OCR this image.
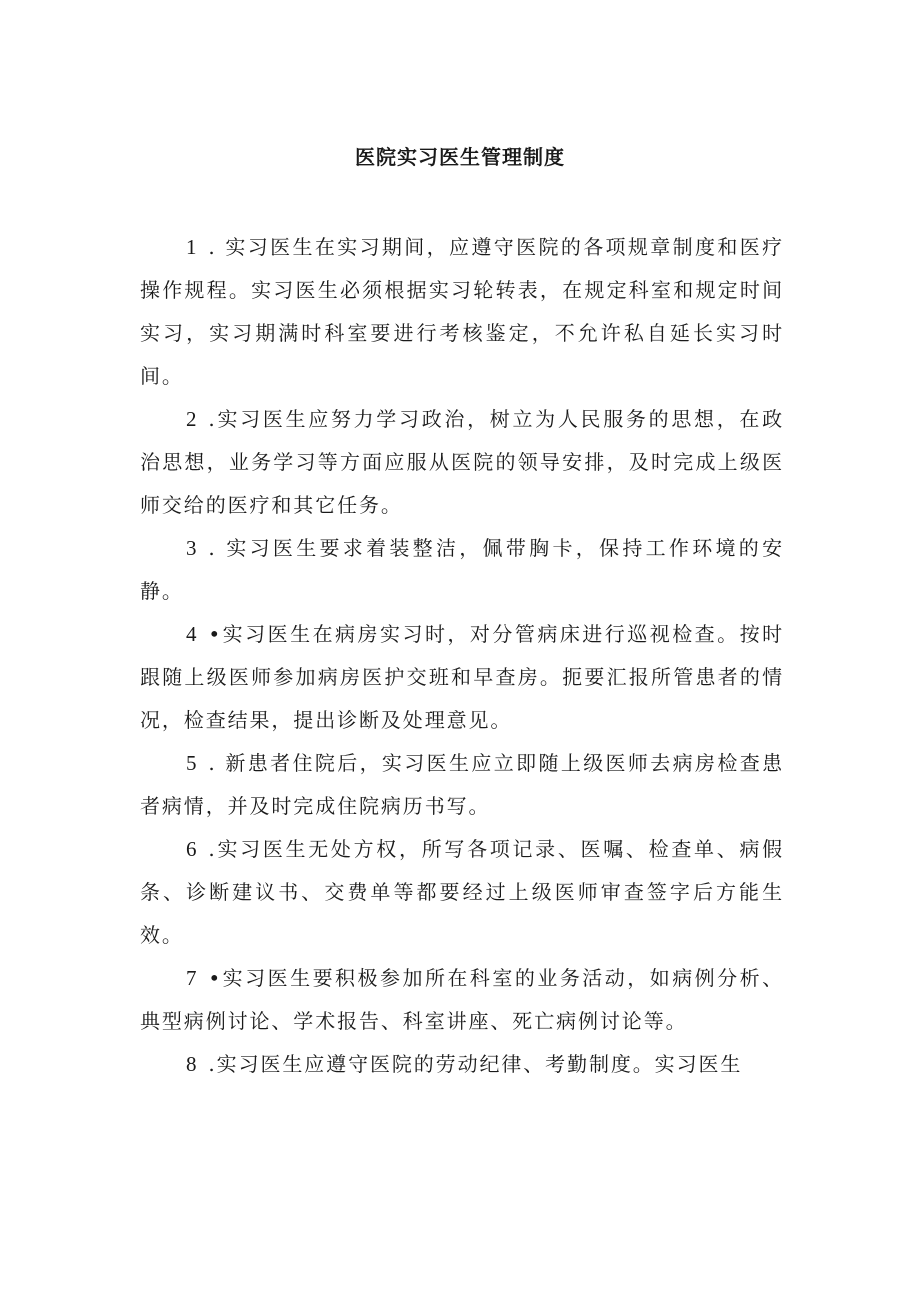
医院实习医生管理制度

1 . 实习医生在实习期间，应遵守医院的各项规章制度和医疗操作规程。实习医生必须根据实习轮转表，在规定科室和规定时间实习，实习期满时科室要进行考核鉴定，不允许私自延长实习时间。

2 .实习医生应努力学习政治，树立为人民服务的思想，在政治思想，业务学习等方面应服从医院的领导安排，及时完成上级医师交给的医疗和其它任务。

3 . 实习医生要求着装整洁，佩带胸卡，保持工作环境的安静。

4 •实习医生在病房实习时，对分管病床进行巡视检查。按时跟随上级医师参加病房医护交班和早查房。扼要汇报所管患者的情况，检查结果，提出诊断及处理意见。

5 . 新患者住院后，实习医生应立即随上级医师去病房检查患者病情，并及时完成住院病历书写。

6 .实习医生无处方权，所写各项记录、医嘱、检查单、病假条、诊断建议书、交费单等都要经过上级医师审查签字后方能生效。

7 •实习医生要积极参加所在科室的业务活动，如病例分析、典型病例讨论、学术报告、科室讲座、死亡病例讨论等。

8 .实习医生应遵守医院的劳动纪律、考勤制度。实习医生
